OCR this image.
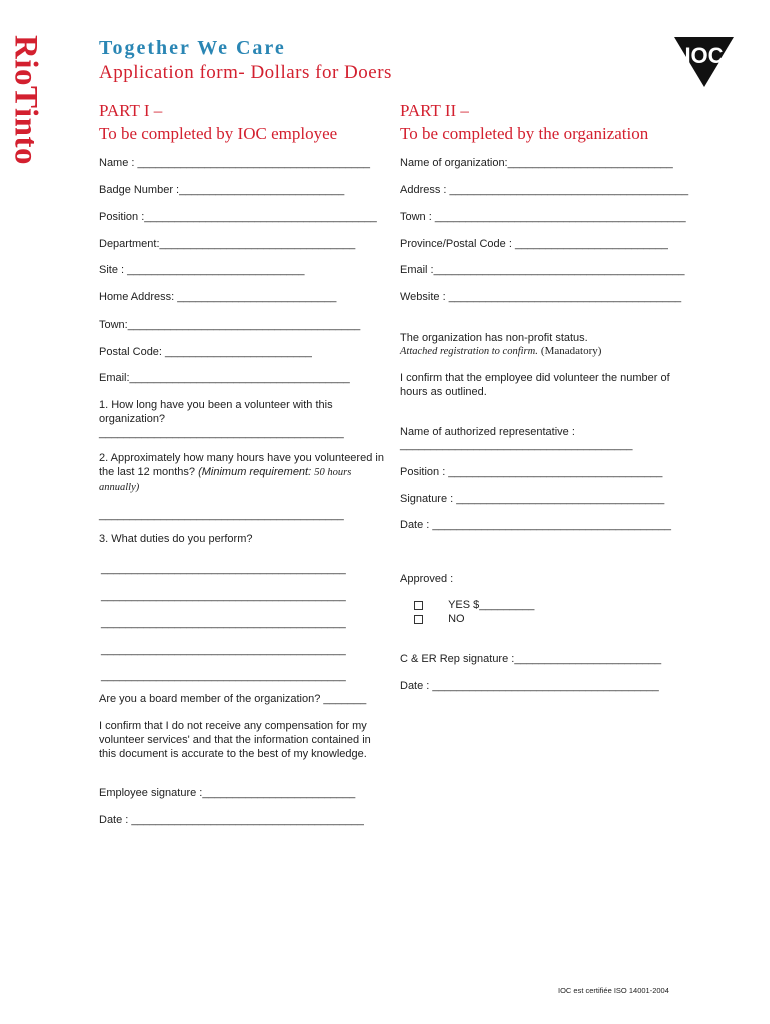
RioTinto	IOC
Together We Care
Application form- Dollars for Doers
PART I –
To be completed by IOC employee
Name : ______________________________________
Badge Number :___________________________
Position :______________________________________
Department:________________________________
Site : _____________________________
Home Address: __________________________
Town:______________________________________
Postal Code: ________________________
Email:____________________________________
1. How long have you been a volunteer with this organization?
________________________________________
2. Approximately how many hours have you volunteered in the last 12 months? (Minimum requirement: 50 hours annually)
________________________________________
3. What duties do you perform?
________________________________________
________________________________________
________________________________________
________________________________________
________________________________________
Are you a board member of the organization? _______
I confirm that I do not receive any compensation for my volunteer services' and that the information contained in this document is accurate to the best of my knowledge.
Employee signature :_________________________
Date : ______________________________________
PART II –
To be completed by the organization
Name of organization:___________________________
Address : _______________________________________
Town : _________________________________________
Province/Postal Code : _________________________
Email :_________________________________________
Website : ______________________________________
The organization has non-profit status.
Attached registration to confirm. (Manadatory)
I confirm that the employee did volunteer the number of hours as outlined.
Name of authorized representative :
______________________________________
Position : ___________________________________
Signature : __________________________________
Date : _______________________________________
Approved :
YES $_________
NO
C & ER Rep signature :________________________
Date : _____________________________________
IOC est certifiée ISO 14001-2004
